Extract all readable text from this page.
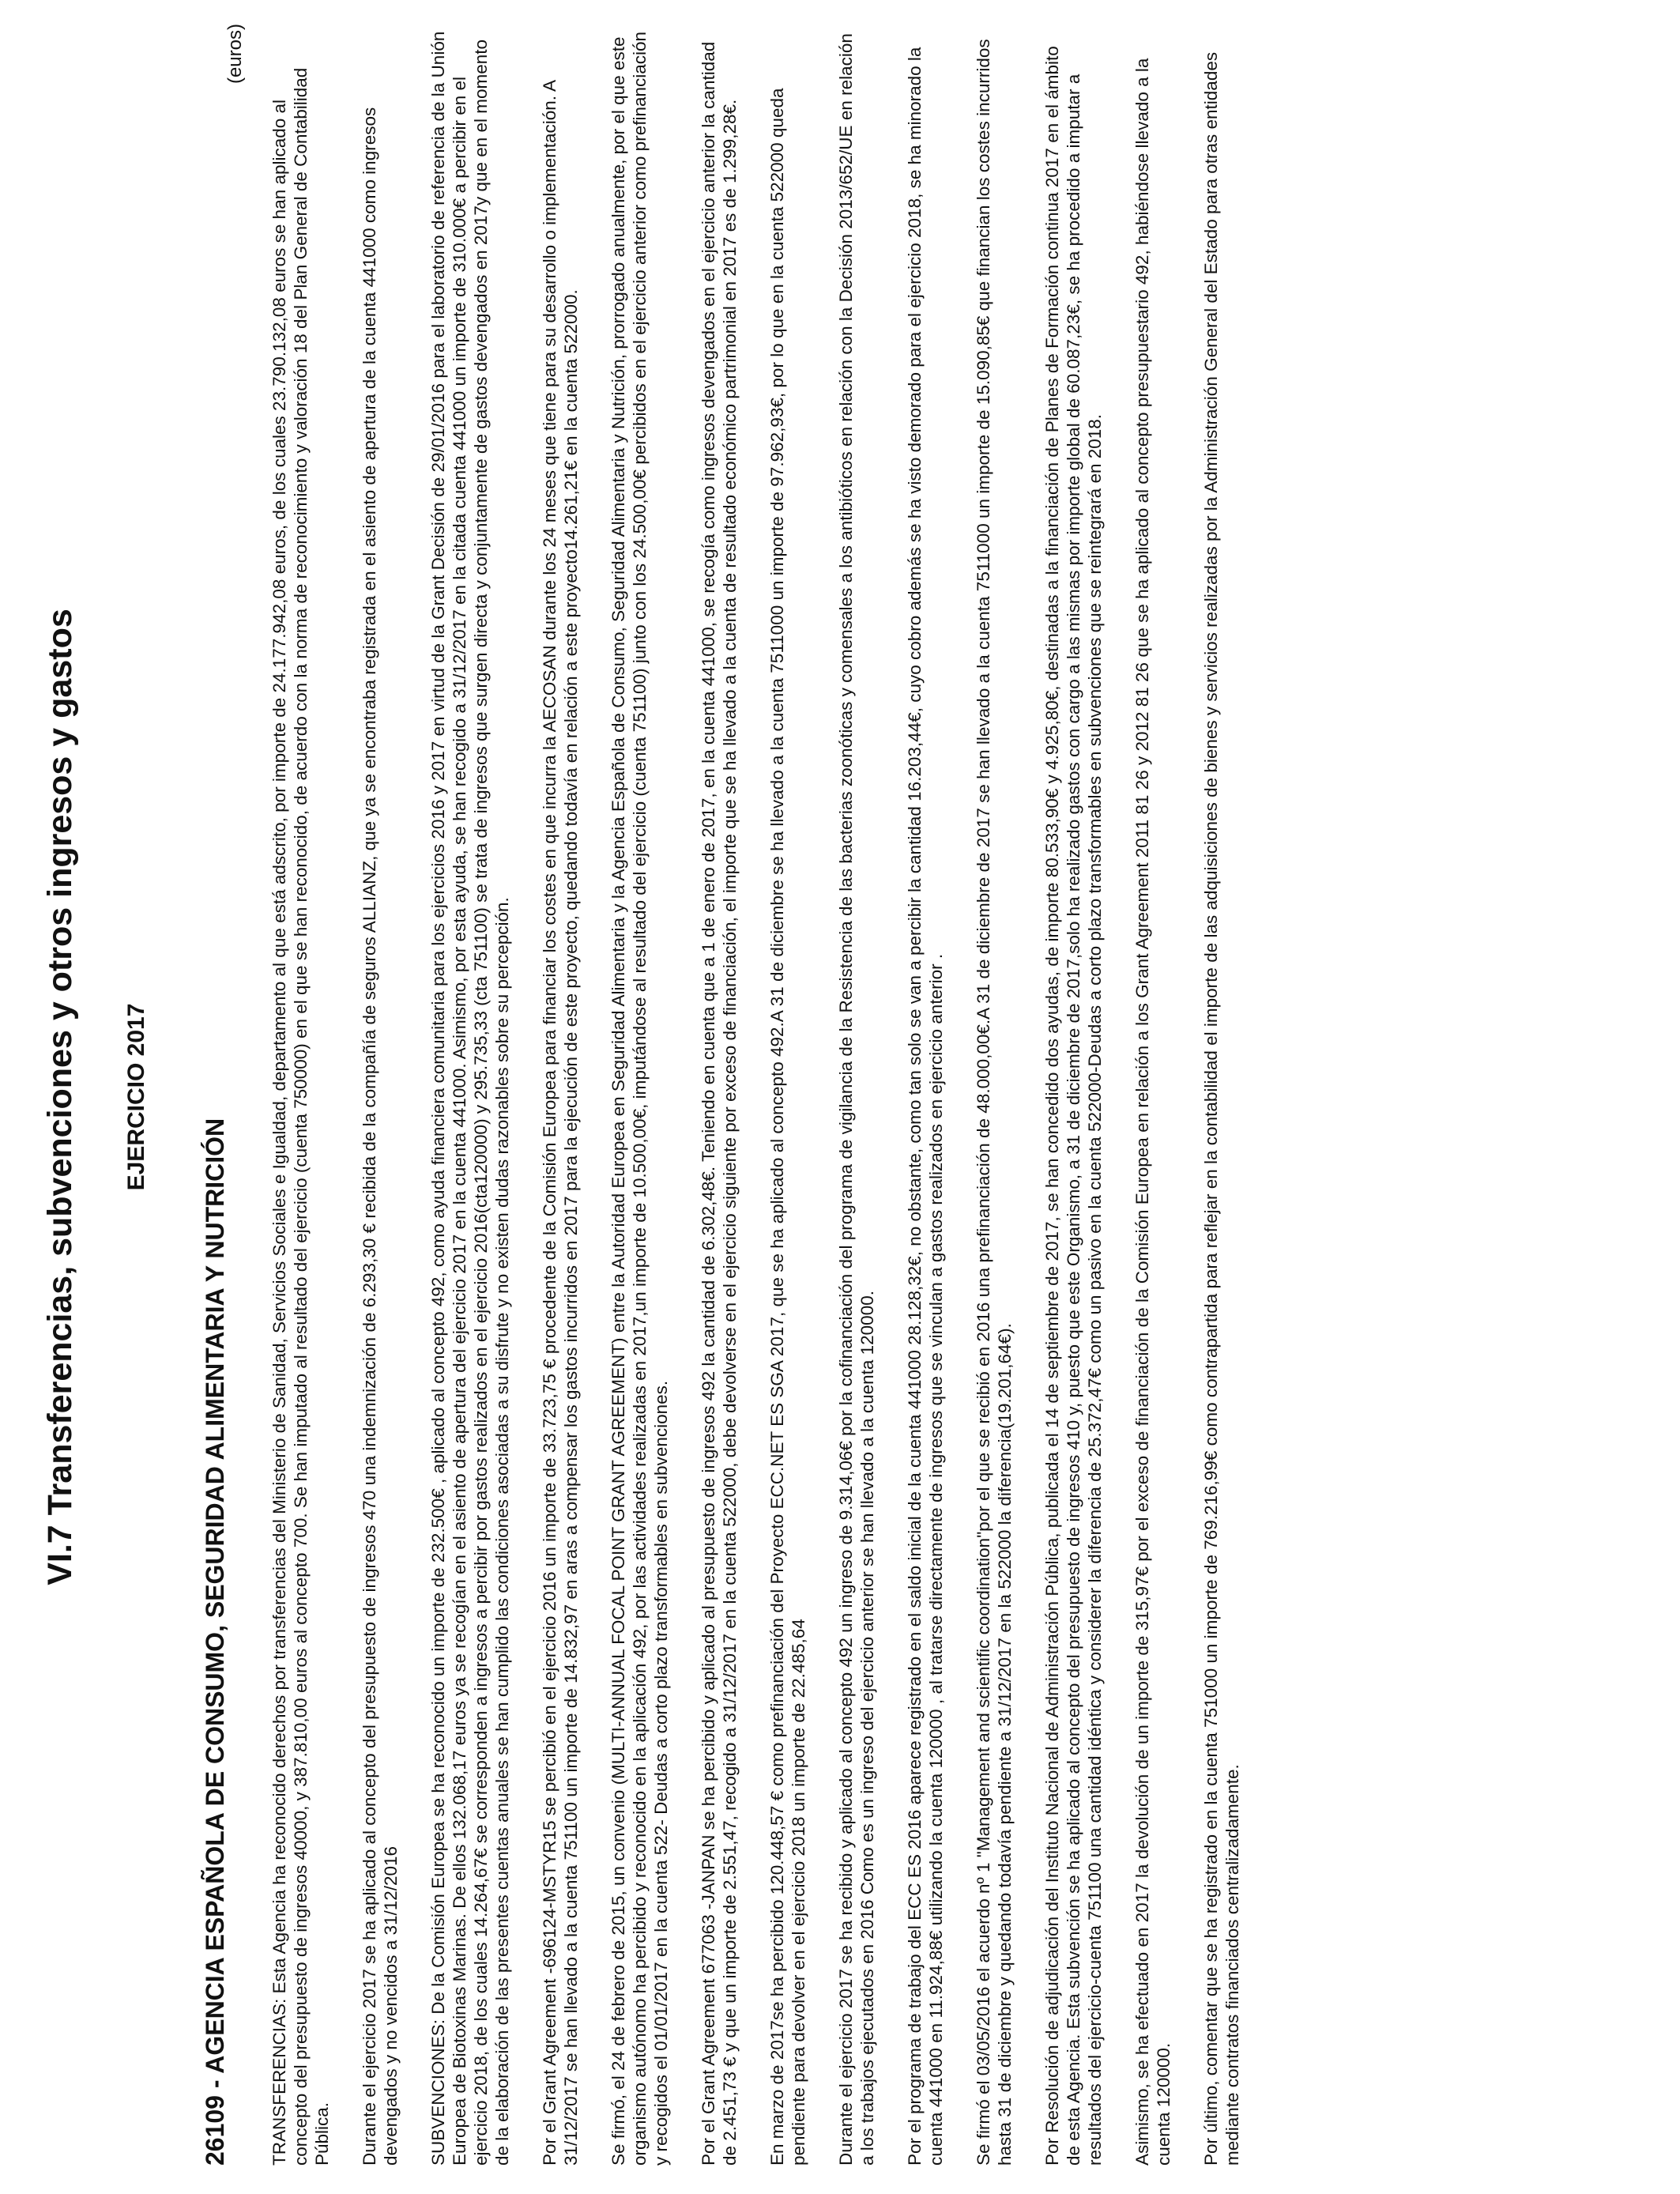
VI.7 Transferencias, subvenciones y otros ingresos y gastos EJERCICIO 2017
(euros)
26109 - AGENCIA ESPAÑOLA DE CONSUMO, SEGURIDAD ALIMENTARIA Y NUTRICIÓN TRANSFERENCIAS: Esta Agencia ha reconocido derechos por transferencias del Ministerio de Sanidad, Servicios Sociales e Igualdad, departamento al que está adscrito, por importe de 24.177.942,08 euros, de los cuales 23.790.132,08 euros se han aplicado al concepto del presupuesto de ingresos 40000, y 387.810,00 euros al concepto 700. Se han imputado al resultado del ejercicio (cuenta 750000) en el que se han reconocido, de acuerdo con la norma de reconocimiento y valoración 18 del Plan General de Contabilidad Pública. Durante el ejercicio 2017 se ha aplicado al concepto del presupuesto de ingresos 470 una indemnización de 6.293,30 € recibida de la compañía de seguros ALLIANZ, que ya se encontraba registrada en el asiento de apertura de la cuenta 441000 como ingresos devengados y no vencidos a 31/12/2016 SUBVENCIONES: De la Comisión Europea se ha reconocido un importe de 232.500€ , aplicado al concepto 492, como ayuda financiera comunitaria para los ejercicios 2016 y 2017 en virtud de la Grant Decisión de 29/01/2016 para el laboratorio de referencia de la Unión Europea de Biotoxinas Marinas. De ellos 132.068,17 euros ya se recogían en el asiento de apertura del ejercicio 2017 en la cuenta 441000. Asimismo, por esta ayuda, se han recogido a 31/12/2017 en la citada cuenta 441000 un importe de 310.000€ a percibir en el ejercicio 2018, de los cuales 14.264,67€ se corresponden a ingresos a percibir por gastos realizados en el ejercicio 2016(cta120000) y 295.735,33 (cta 751100) se trata de ingresos que surgen directa y conjuntamente de gastos devengados en 2017y que en el momento de la elaboración de las presentes cuentas anuales se han cumplido las condiciones asociadas a su disfrute y no existen dudas razonables sobre su percepción. Por el Grant Agreement -696124-MSTYR15 se percibió en el ejercicio 2016 un importe de 33.723,75 € procedente de la Comisión Europea para financiar los costes en que incurra la AECOSAN durante los 24 meses que tiene para su desarrollo o implementación. A 31/12/2017 se han llevado a la cuenta 751100 un importe de 14.832,97 en aras a compensar los gastos incurridos en 2017 para la ejecución de este proyecto, quedando todavía en relación a este proyecto14.261,21€ en la cuenta 522000. Se firmó, el 24 de febrero de 2015, un convenio (MULTI-ANNUAL FOCAL POINT GRANT AGREEMENT) entre la Autoridad Europea en Seguridad Alimentaria y la Agencia Española de Consumo, Seguridad Alimentaria y Nutrición, prorrogado anualmente, por el que este organismo autónomo ha percibido y reconocido en la aplicación 492, por las actividades realizadas en 2017,un importe de 10.500,00€, imputándose al resultado del ejercicio (cuenta 751100) junto con los 24.500,00€ percibidos en el ejercicio anterior como prefinanciación y recogidos el 01/01/2017 en la cuenta 522- Deudas a corto plazo transformables en subvenciones. Por el Grant Agreement 677063 -JANPAN se ha percibido y aplicado al presupuesto de ingresos 492 la cantidad de 6.302,48€. Teniendo en cuenta que a 1 de enero de 2017, en la cuenta 441000, se recogía como ingresos devengados en el ejercicio anterior la cantidad de 2.451,73 € y que un importe de 2.551,47, recogido a 31/12/2017 en la cuenta 522000, debe devolverse en el ejercicio siguiente por exceso de financiación, el importe que se ha llevado a la cuenta de resultado económico partrimonial en 2017 es de 1.299,28€. En marzo de 2017se ha percibido 120.448,57 € como prefinanciación del Proyecto ECC.NET ES SGA 2017, que se ha aplicado al concepto 492.A 31 de diciembre se ha llevado a la cuenta 7511000 un importe de 97.962,93€, por lo que en la cuenta 522000 queda pendiente para devolver en el ejercicio 2018 un importe de 22.485,64 Durante el ejercicio 2017 se ha recibido y aplicado al concepto 492 un ingreso de 9.314,06€ por la cofinanciación del programa de vigilancia de la Resistencia de las bacterias zoonóticas y comensales a los antibióticos en relación con la Decisión 2013/652/UE en relación a los trabajos ejecutados en 2016 Como es un ingreso del ejercicio anterior se han llevado a la cuenta 120000. Por el programa de trabajo del ECC ES 2016 aparece registrado en el saldo inicial de la cuenta 441000 28.128,32€, no obstante, como tan solo se van a percibir la cantidad 16.203,44€, cuyo cobro además se ha visto demorado para el ejercicio 2018, se ha minorado la cuenta 441000 en 11.924,88€ utilizando la cuenta 120000 , al tratarse directamente de ingresos que se vinculan a gastos realizados en ejercicio anterior . Se firmó el 03/05/2016 el acuerdo nº 1 "Management and scientific coordination"por el que se recibió en 2016 una prefinanciación de 48.000,00€.A 31 de diciembre de 2017 se han llevado a la cuenta 7511000 un importe de 15.090,85€ que financian los costes incurridos hasta 31 de diciembre y quedando todavía pendiente a 31/12/2017 en la 522000 la diferencia(19.201,64€). Por Resolución de adjudicación del Instituto Nacional de Administración Pública, publicada el 14 de septiembre de 2017, se han concedido dos ayudas, de importe 80.533,90€ y 4.925,80€, destinadas a la financiación de Planes de Formación continua 2017 en el ámbito de esta Agencia. Esta subvención se ha aplicado al concepto del presupuesto de ingresos 410 y, puesto que este Organismo, a 31 de diciembre de 2017,solo ha realizado gastos con cargo a las mismas por importe global de 60.087,23€, se ha procedido a imputar a resultados del ejercicio-cuenta 751100 una cantidad idéntica y considerer la diferencia de 25.372,47€ como un pasivo en la cuenta 522000-Deudas a corto plazo transformables en subvenciones que se reintegrará en 2018. Asimismo, se ha efectuado en 2017 la devolución de un importe de 315,97€ por el exceso de financiación de la Comisión Europea en relación a los Grant Agreement 2011 81 26 y 2012 81 26 que se ha aplicado al concepto presupuestario 492, habiéndose llevado a la cuenta 120000. Por último, comentar que se ha registrado en la cuenta 751000 un importe de 769.216,99€ como contrapartida para reflejar en la contabilidad el importe de las adquisiciones de bienes y servicios realizadas por la Administración General del Estado para otras entidades mediante contratos financiados centralizadamente.
